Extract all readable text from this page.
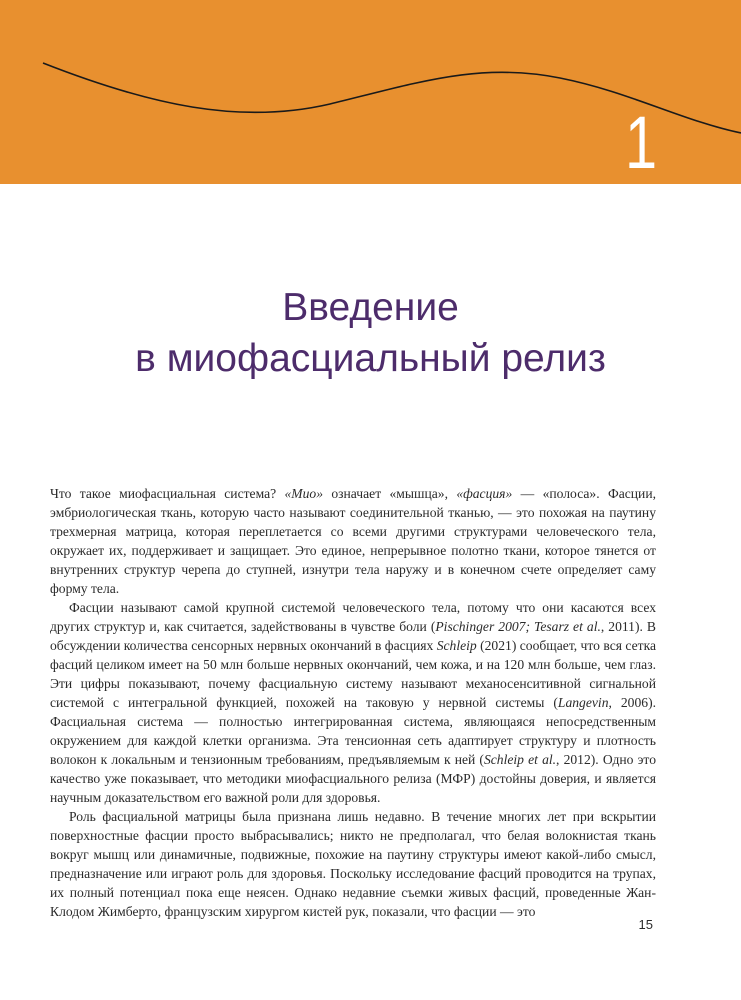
1
Введение
в миофасциальный релиз

Что такое миофасциальная система? «Мио» означает «мышца», «фасция» — «полоса». Фасции, эмбриологическая ткань, которую часто называют соединительной тканью, — это похожая на паутину трехмерная матрица, которая переплетается со всеми другими структурами человеческого тела, окружает их, поддерживает и защищает. Это единое, непрерывное полотно ткани, которое тянется от внутренних структур черепа до ступней, изнутри тела наружу и в конечном счете определяет саму форму тела.

Фасции называют самой крупной системой человеческого тела, потому что они касаются всех других структур и, как считается, задействованы в чувстве боли (Pischinger 2007; Tesarz et al., 2011). В обсуждении количества сенсорных нервных окончаний в фасциях Schleip (2021) сообщает, что вся сетка фасций целиком имеет на 50 млн больше нервных окончаний, чем кожа, и на 120 млн больше, чем глаз. Эти цифры показывают, почему фасциальную систему называют механосенситивной сигнальной системой с интегральной функцией, похожей на таковую у нервной системы (Langevin, 2006). Фасциальная система — полностью интегрированная система, являющаяся непосредственным окружением для каждой клетки организма. Эта тенсионная сеть адаптирует структуру и плотность волокон к локальным и тензионным требованиям, предъявляемым к ней (Schleip et al., 2012). Одно это качество уже показывает, что методики миофасциального релиза (МФР) достойны доверия, и является научным доказательством его важной роли для здоровья.

Роль фасциальной матрицы была признана лишь недавно. В течение многих лет при вскрытии поверхностные фасции просто выбрасывались; никто не предполагал, что белая волокнистая ткань вокруг мышц или динамичные, подвижные, похожие на паутину структуры имеют какой-либо смысл, предназначение или играют роль для здоровья. Поскольку исследование фасций проводится на трупах, их полный потенциал пока еще неясен. Однако недавние съемки живых фасций, проведенные Жан-Клодом Жимберто, французским хирургом кистей рук, показали, что фасции — это

15
